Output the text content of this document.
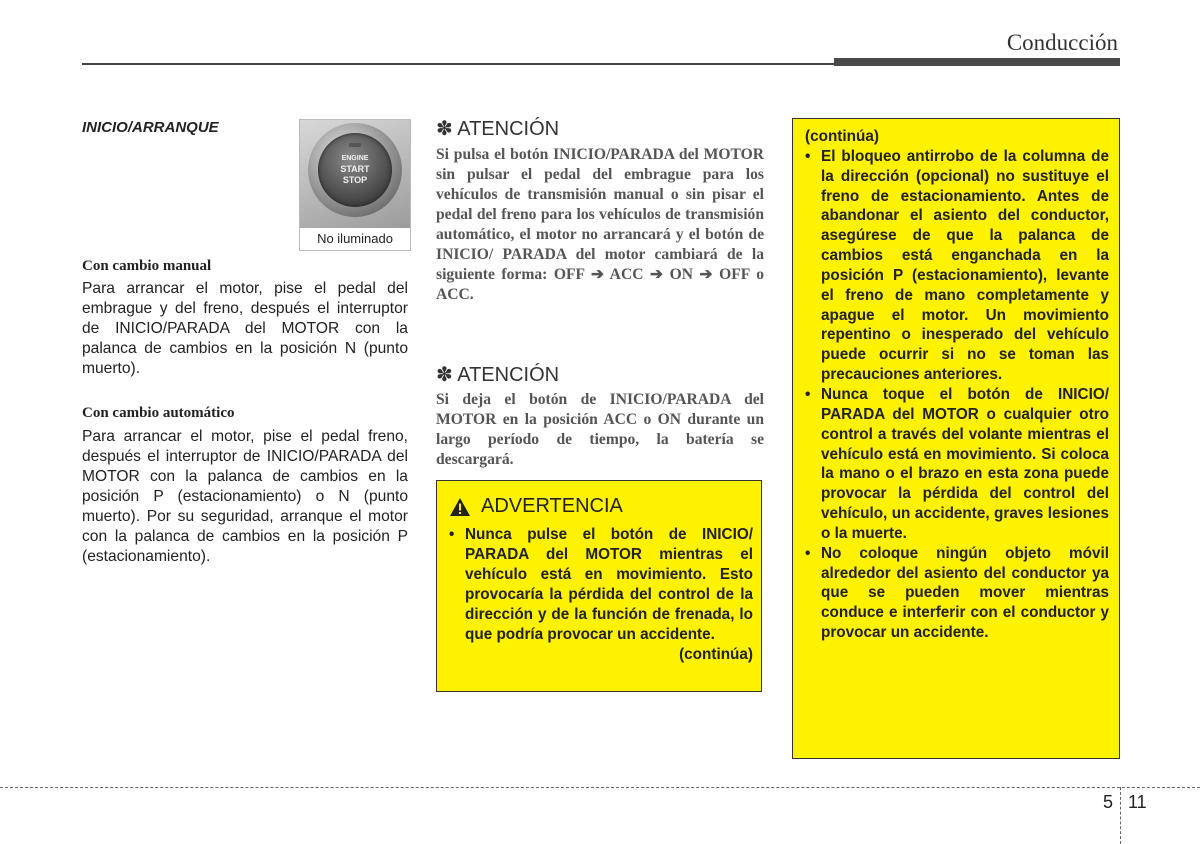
Conducción
INICIO/ARRANQUE
ENGINE
START
STOP
No iluminado
Con cambio manual
Para arrancar el motor, pise el pedal del embrague y del freno, después el interruptor de INICIO/PARADA del MOTOR con la palanca de cambios en la posición N (punto muerto).
Con cambio automático
Para arrancar el motor, pise el pedal freno, después el interruptor de INICIO/PARADA del MOTOR con la palanca de cambios en la posición P (estacionamiento) o N (punto muerto). Por su seguridad, arranque el motor con la palanca de cambios en la posición P (estacionamiento).
✽ ATENCIÓN
Si pulsa el botón INICIO/PARADA del MOTOR sin pulsar el pedal del embrague para los vehículos de transmisión manual o sin pisar el pedal del freno para los vehículos de transmisión automático, el motor no arrancará y el botón de INICIO/ PARADA del motor cambiará de la siguiente forma: OFF ➔ ACC ➔ ON ➔ OFF o ACC.
✽ ATENCIÓN
Si deja el botón de INICIO/PARADA del MOTOR en la posición ACC o ON durante un largo período de tiempo, la batería se descargará.
ADVERTENCIA
• Nunca pulse el botón de INICIO/ PARADA del MOTOR mientras el vehículo está en movimiento. Esto provocaría la pérdida del control de la dirección y de la función de frenada, lo que podría provocar un accidente.
(continúa)
(continúa)
• El bloqueo antirrobo de la columna de la dirección (opcional) no sustituye el freno de estacionamiento. Antes de abandonar el asiento del conductor, asegúrese de que la palanca de cambios está enganchada en la posición P (estacionamiento), levante el freno de mano completamente y apague el motor. Un movimiento repentino o inesperado del vehículo puede ocurrir si no se toman las precauciones anteriores.
• Nunca toque el botón de INICIO/ PARADA del MOTOR o cualquier otro control a través del volante mientras el vehículo está en movimiento. Si coloca la mano o el brazo en esta zona puede provocar la pérdida del control del vehículo, un accidente, graves lesiones o la muerte.
• No coloque ningún objeto móvil alrededor del asiento del conductor ya que se pueden mover mientras conduce e interferir con el conductor y provocar un accidente.
5 11
